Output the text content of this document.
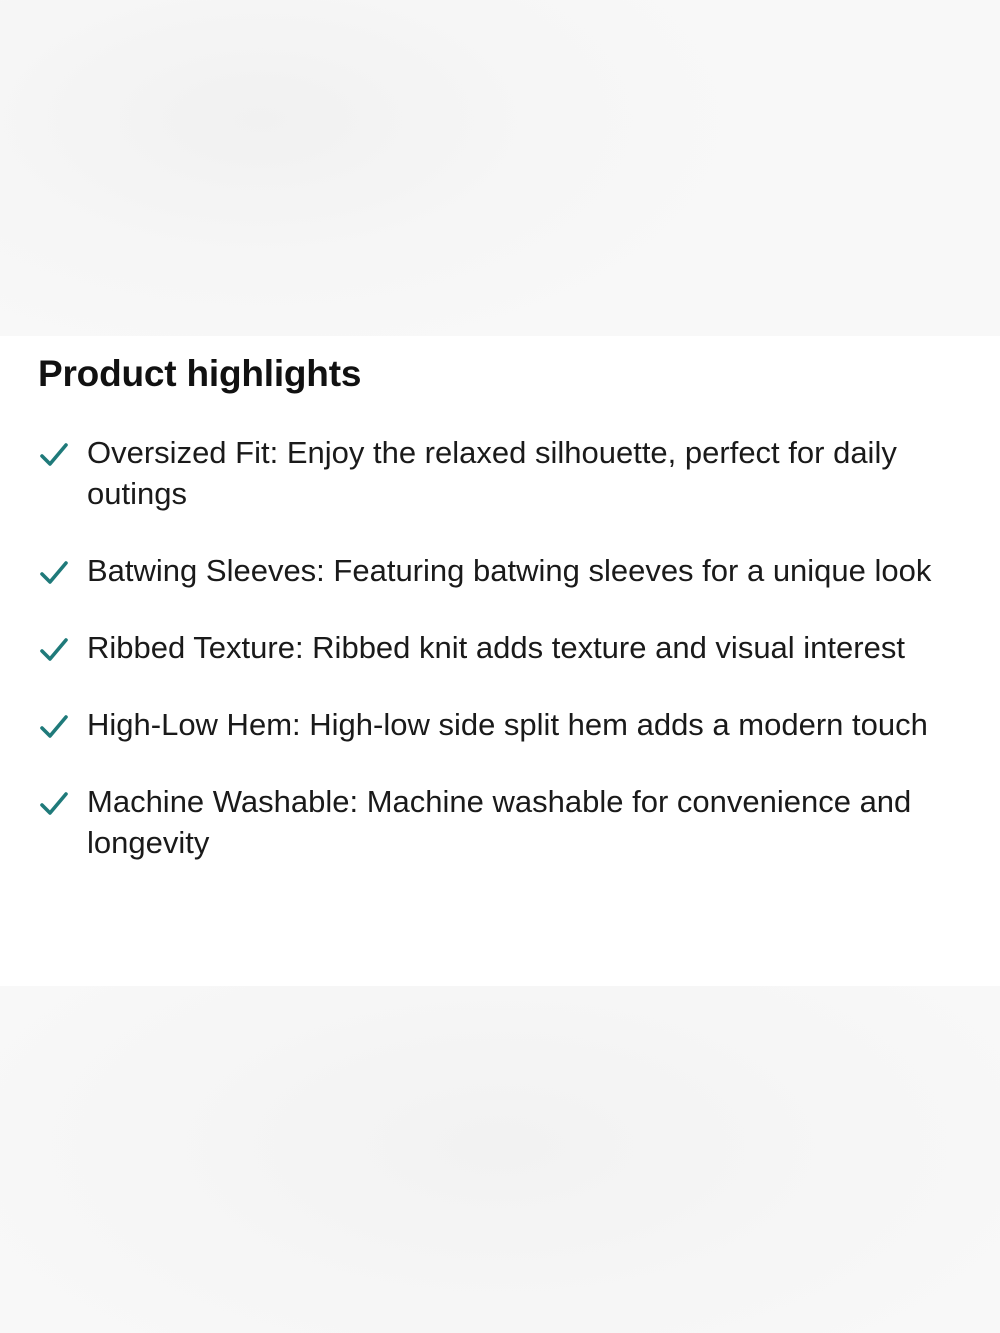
Product highlights
Oversized Fit: Enjoy the relaxed silhouette, perfect for daily outings
Batwing Sleeves: Featuring batwing sleeves for a unique look
Ribbed Texture: Ribbed knit adds texture and visual interest
High-Low Hem: High-low side split hem adds a modern touch
Machine Washable: Machine washable for convenience and longevity
